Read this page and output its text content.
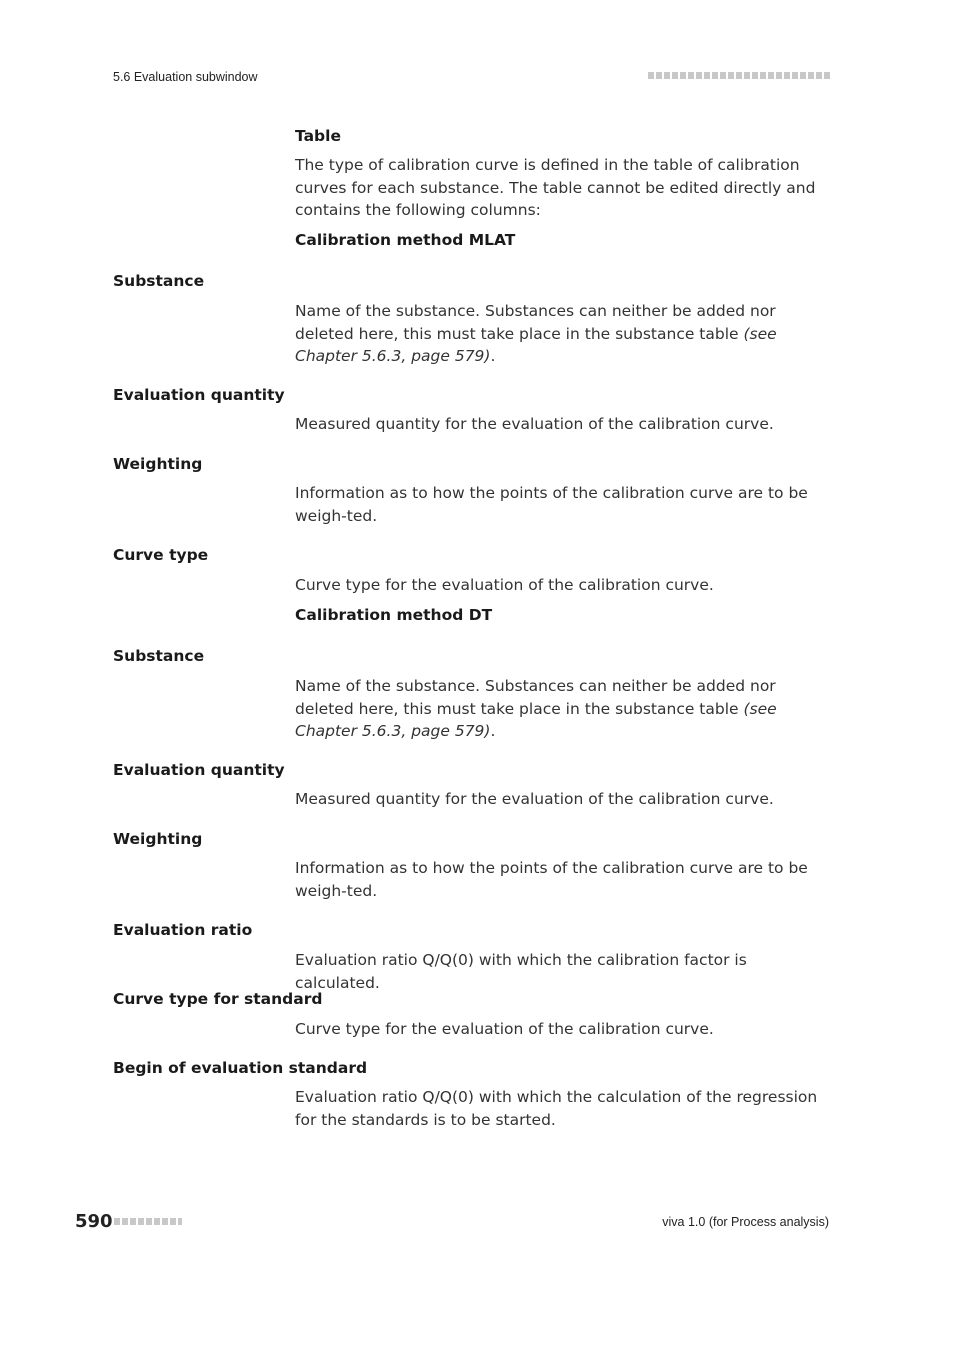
5.6 Evaluation subwindow
Table
The type of calibration curve is defined in the table of calibration curves for each substance. The table cannot be edited directly and contains the following columns:
Calibration method MLAT
Substance
Name of the substance. Substances can neither be added nor deleted here, this must take place in the substance table (see Chapter 5.6.3, page 579).
Evaluation quantity
Measured quantity for the evaluation of the calibration curve.
Weighting
Information as to how the points of the calibration curve are to be weigh-ted.
Curve type
Curve type for the evaluation of the calibration curve.
Calibration method DT
Substance
Name of the substance. Substances can neither be added nor deleted here, this must take place in the substance table (see Chapter 5.6.3, page 579).
Evaluation quantity
Measured quantity for the evaluation of the calibration curve.
Weighting
Information as to how the points of the calibration curve are to be weigh-ted.
Evaluation ratio
Evaluation ratio Q/Q(0) with which the calibration factor is calculated.
Curve type for standard
Curve type for the evaluation of the calibration curve.
Begin of evaluation standard
Evaluation ratio Q/Q(0) with which the calculation of the regression for the standards is to be started.
590	viva 1.0 (for Process analysis)
